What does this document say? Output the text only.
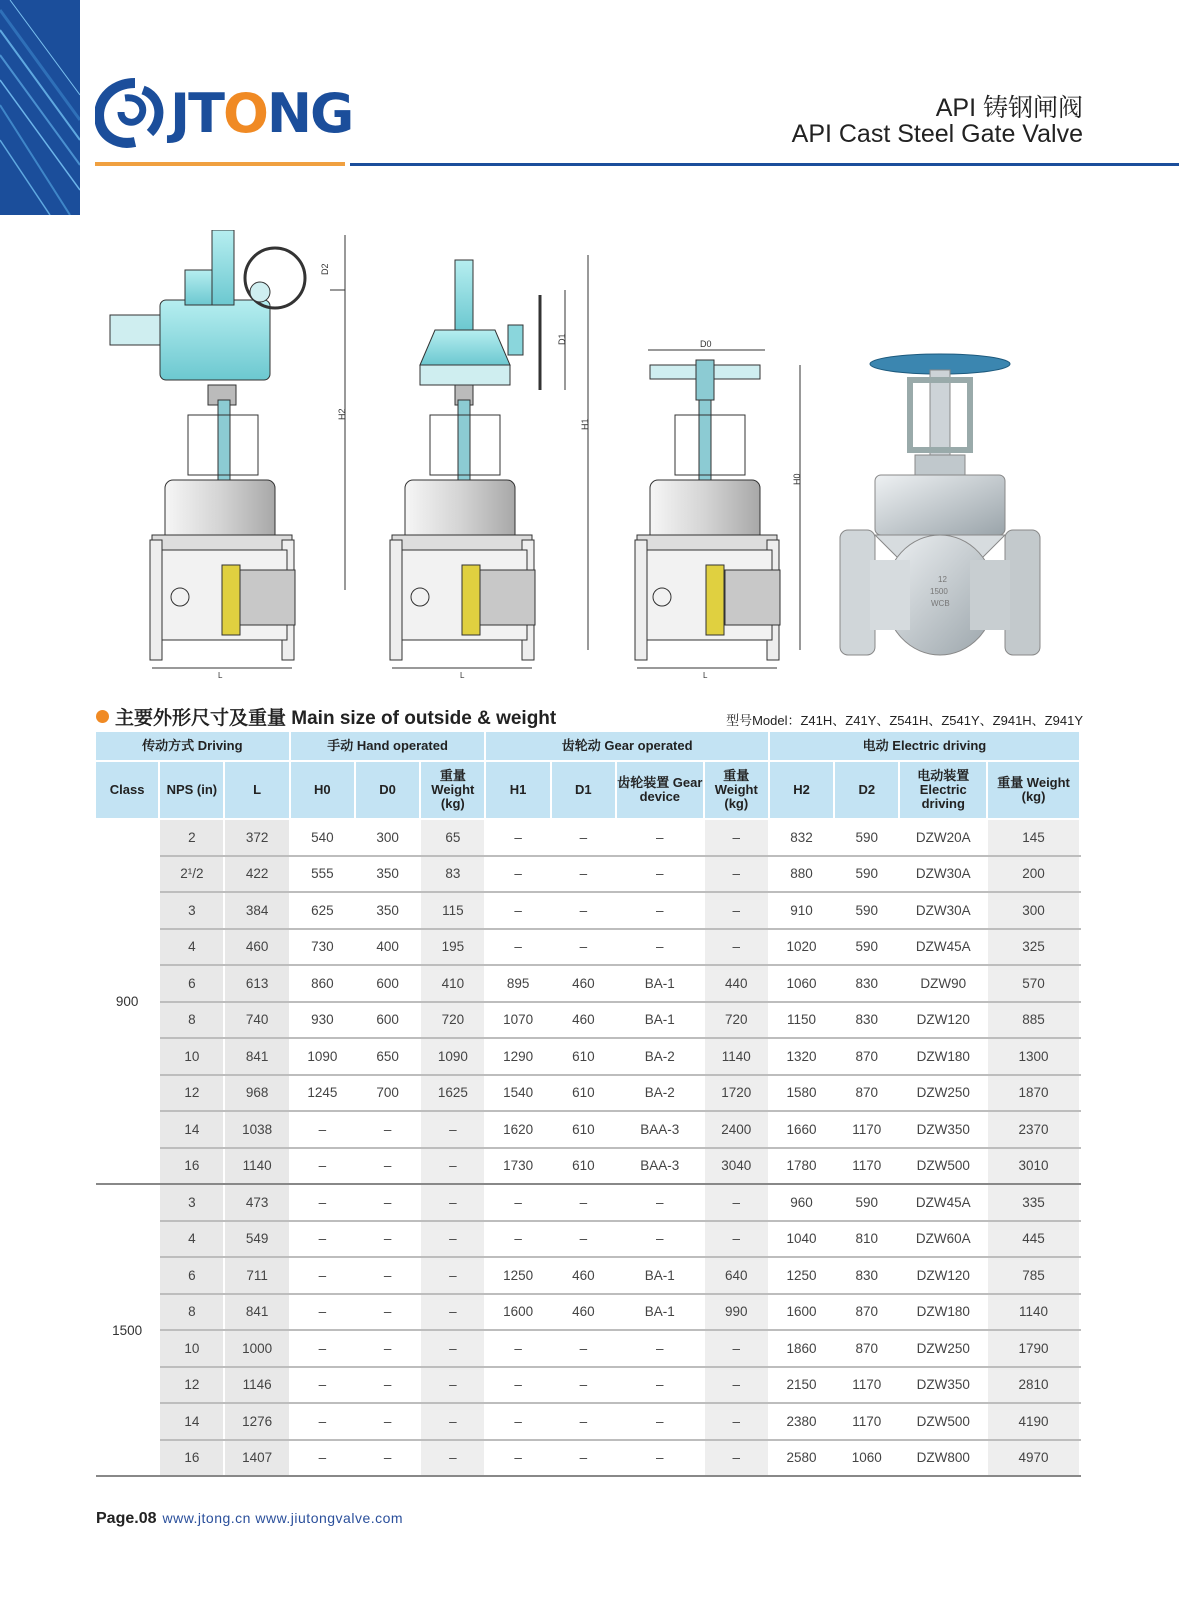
JTONG	API 铸钢闸阀
API Cast Steel Gate Valve
D2
H2
L
D1
H1
L
D0
H0
L
12
1500
WCB
主要外形尺寸及重量 Main size of outside & weight	型号Model：Z41H、Z41Y、Z541H、Z541Y、Z941H、Z941Y
传动方式 Driving			手动 Hand operated			齿轮动 Gear operated				电动 Electric driving			
Class	NPS (in)	L	H0	D0	重量 Weight (kg)	H1	D1	齿轮装置 Gear device	重量 Weight (kg)	H2	D2	电动装置 Electric driving	重量 Weight (kg)
900	2	372	540	300	65	–	–	–	–	832	590	DZW20A	145
	2¹/2	422	555	350	83	–	–	–	–	880	590	DZW30A	200
	3	384	625	350	115	–	–	–	–	910	590	DZW30A	300
	4	460	730	400	195	–	–	–	–	1020	590	DZW45A	325
	6	613	860	600	410	895	460	BA-1	440	1060	830	DZW90	570
	8	740	930	600	720	1070	460	BA-1	720	1150	830	DZW120	885
	10	841	1090	650	1090	1290	610	BA-2	1140	1320	870	DZW180	1300
	12	968	1245	700	1625	1540	610	BA-2	1720	1580	870	DZW250	1870
	14	1038	–	–	–	1620	610	BAA-3	2400	1660	1170	DZW350	2370
	16	1140	–	–	–	1730	610	BAA-3	3040	1780	1170	DZW500	3010
1500	3	473	–	–	–	–	–	–	–	960	590	DZW45A	335
	4	549	–	–	–	–	–	–	–	1040	810	DZW60A	445
	6	711	–	–	–	1250	460	BA-1	640	1250	830	DZW120	785
	8	841	–	–	–	1600	460	BA-1	990	1600	870	DZW180	1140
	10	1000	–	–	–	–	–	–	–	1860	870	DZW250	1790
	12	1146	–	–	–	–	–	–	–	2150	1170	DZW350	2810
	14	1276	–	–	–	–	–	–	–	2380	1170	DZW500	4190
	16	1407	–	–	–	–	–	–	–	2580	1060	DZW800	4970
Page.08 www.jtong.cn www.jiutongvalve.com
